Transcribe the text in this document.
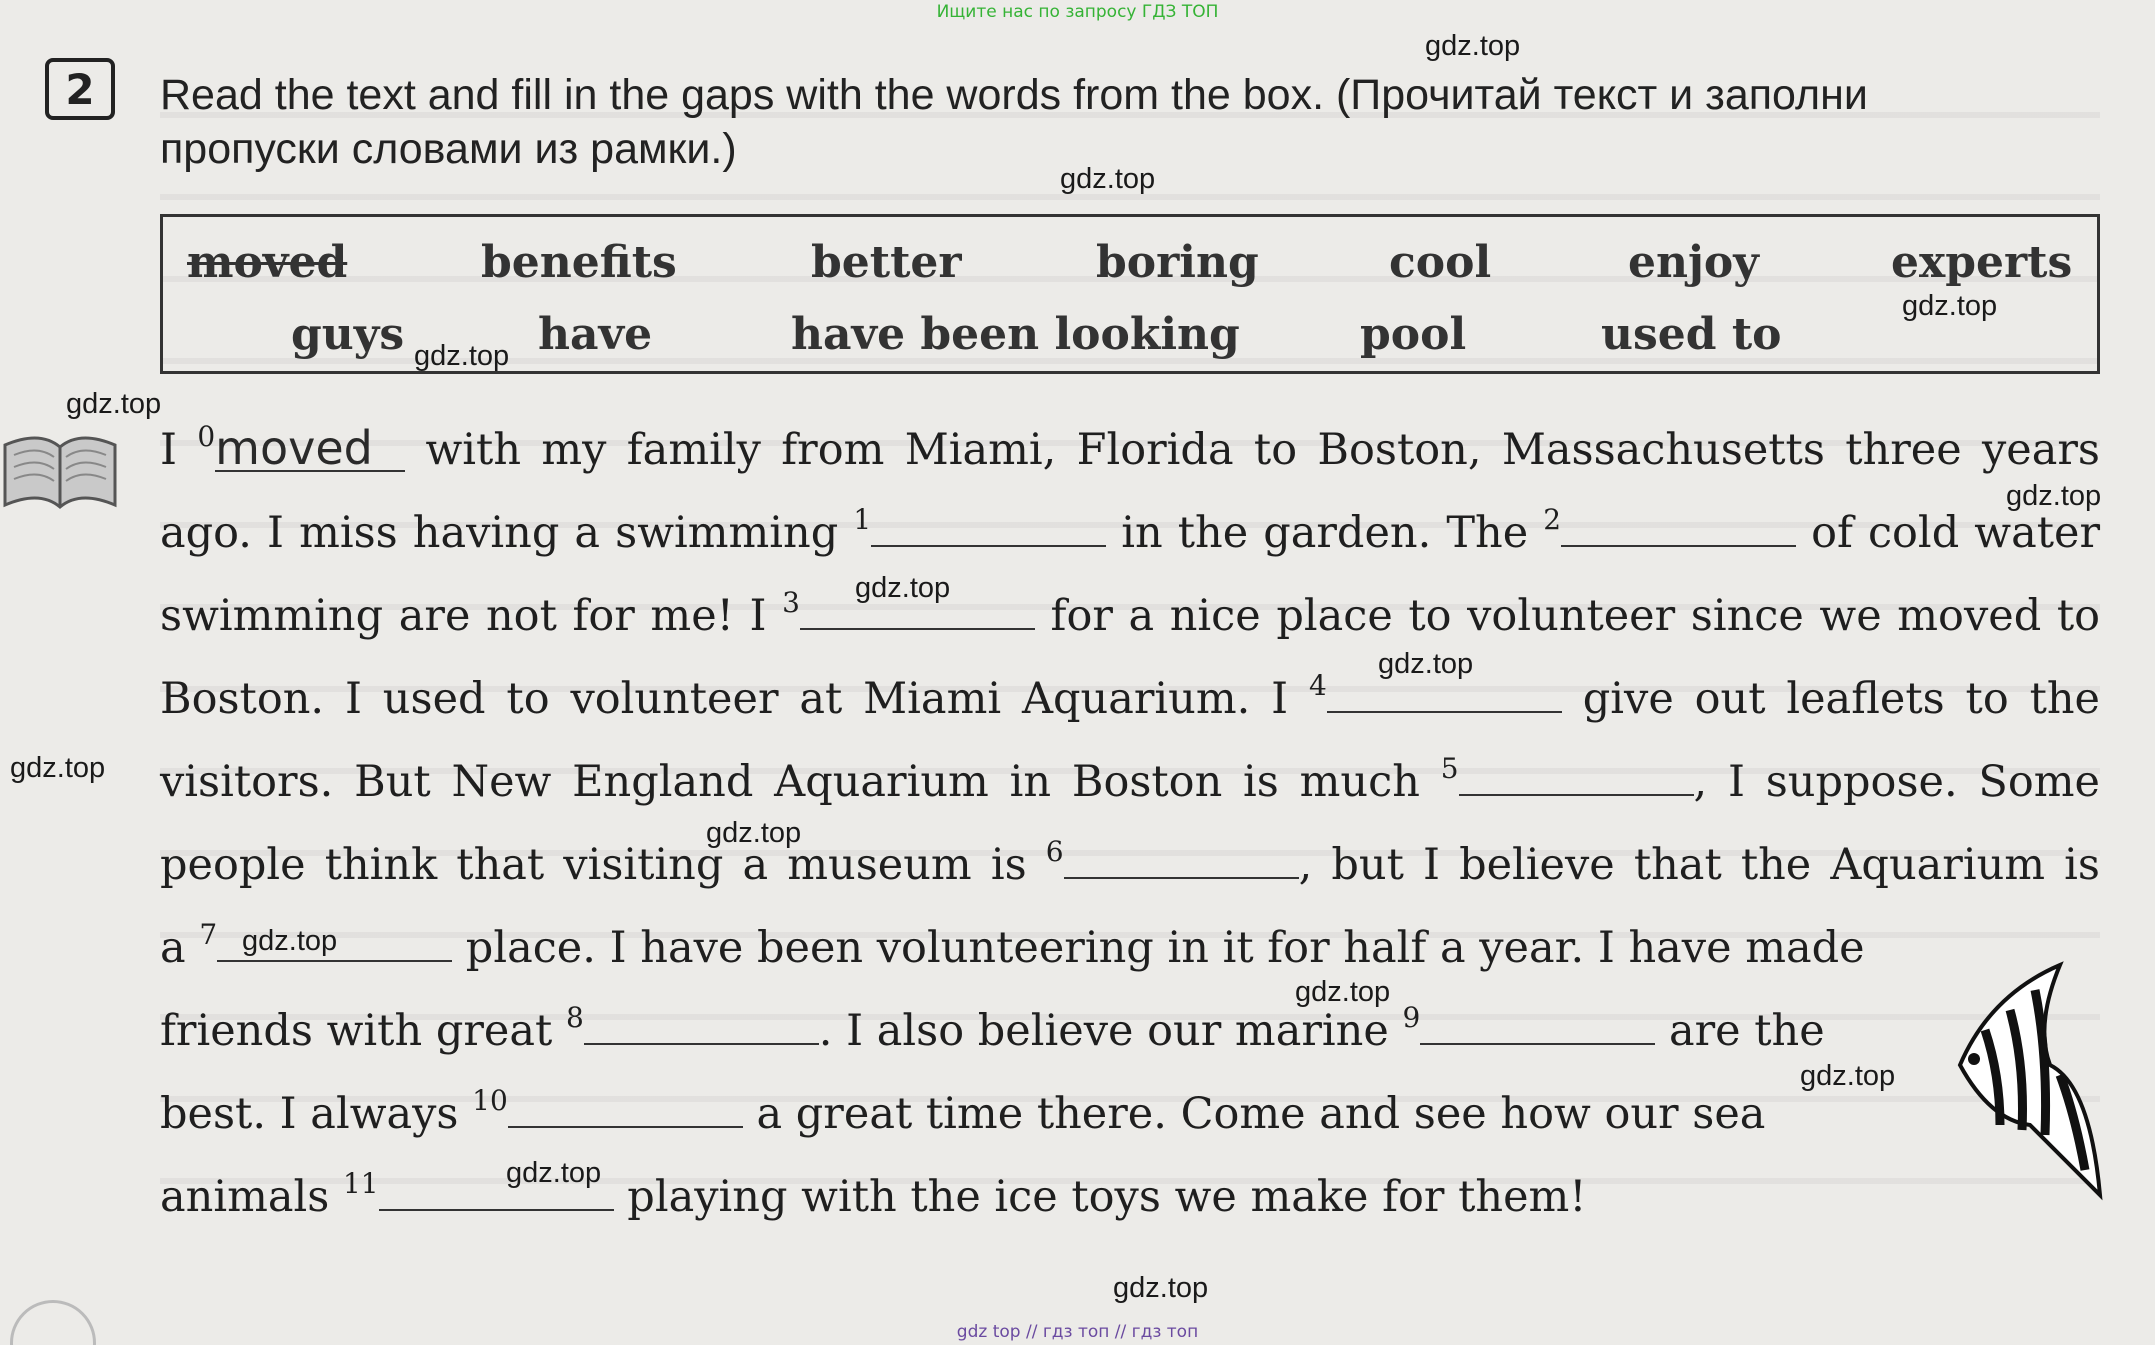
Ищите нас по запросу ГДЗ ТОП
2	Read the text and fill in the gaps with the words from the box. (Прочитай текст и заполни
пропуски словами из рамки.)
moved	benefits	better	boring	cool	enjoy	experts
guys	have	have been looking	pool	used to
I $^0$moved with my family from Miami, Florida to Boston, Massachusetts three years
ago. I miss having a swimming $^1$	in the garden. The $^2$	of cold water
swimming are not for me! I $^3$	for a nice place to volunteer since we moved to
Boston. I used to volunteer at Miami Aquarium. I $^4$	give out leaflets to the
visitors. But New England Aquarium in Boston is much $^5$	, I suppose. Some
people think that visiting a museum is $^6$	, but I believe that the Aquarium is
a $^7$	place. I have been volunteering in it for half a year. I have made
friends with great $^8$	. I also believe our marine $^9$	are the
best. I always $^{10}$	a great time there. Come and see how our sea
animals $^{11}$	playing with the ice toys we make for them!
gdz.top
gdz.top
gdz.top
gdz.top
gdz.top
gdz.top
gdz.top
gdz.top
gdz.top
gdz.top
gdz.top
gdz.top
gdz.top
gdz.top
gdz.top
gdz top // гдз топ // гдз топ
